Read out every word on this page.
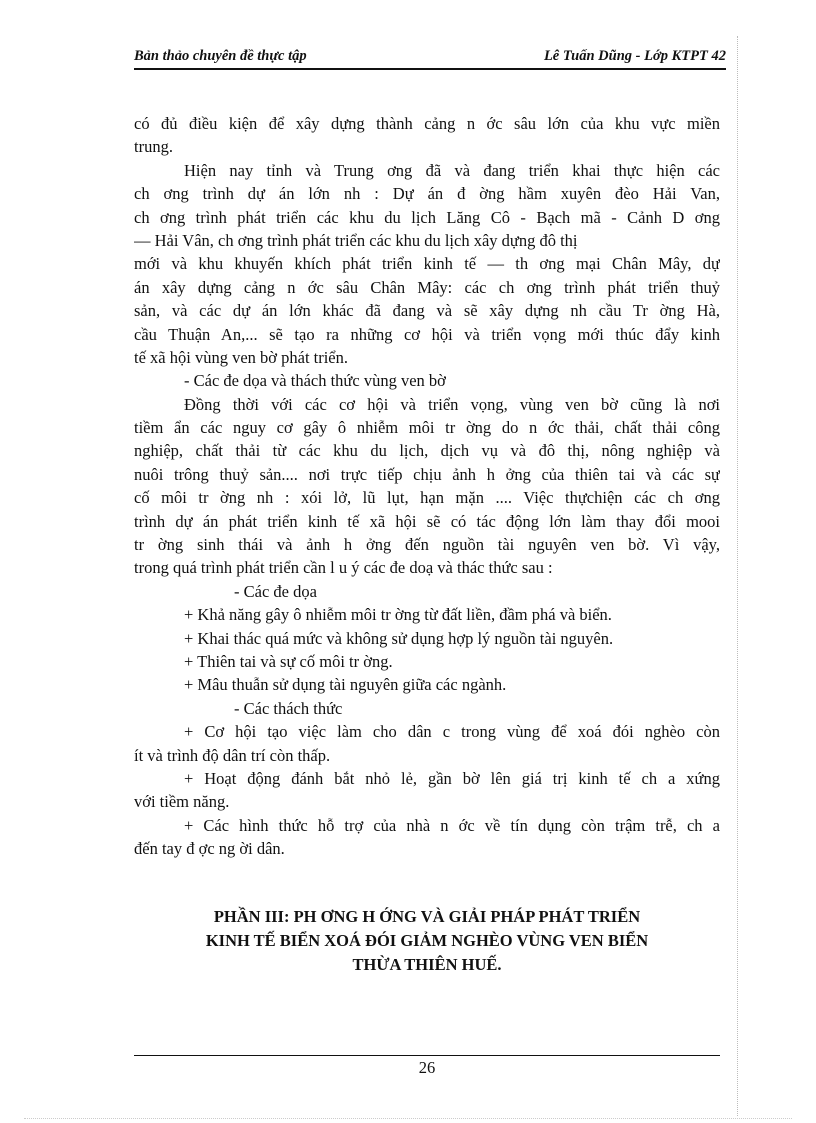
Bản thảo chuyên đề thực tập	Lê Tuấn Dũng - Lớp KTPT 42
có đủ điều kiện để xây dựng thành cảng n ớc sâu lớn của khu vực miền
trung.
Hiện nay tỉnh và Trung ơng đã và đang triển khai thực hiện các
ch ơng trình dự án lớn nh : Dự án đ ờng hầm xuyên đèo Hải Van,
ch ơng trình phát triển các khu du lịch Lăng Cô - Bạch mã - Cảnh D ơng
— Hải Vân, ch ơng trình phát triển các khu du lịch xây dựng đô thị
mới và khu khuyến khích phát triển kinh tế — th ơng mại Chân Mây, dự
án xây dựng cảng n ớc sâu Chân Mây: các ch ơng trình phát triển thuỷ
sản, và các dự án lớn khác đã đang và sẽ xây dựng nh cầu Tr ờng Hà,
cầu Thuận An,... sẽ tạo ra những cơ hội và triển vọng mới thúc đẩy kinh
tế xã hội vùng ven bờ phát triển.
- Các đe dọa và thách thức vùng ven bờ
Đồng thời với các cơ hội và triển vọng, vùng ven bờ cũng là nơi
tiềm ẩn các nguy cơ gây ô nhiễm môi tr ờng do n ớc thải, chất thải công
nghiệp, chất thải từ các khu du lịch, dịch vụ và đô thị, nông nghiệp và
nuôi trông thuỷ sản.... nơi trực tiếp chịu ảnh h ởng của thiên tai và các sự
cố môi tr ờng nh : xói lở, lũ lụt, hạn mặn .... Việc thựchiện các ch ơng
trình dự án phát triển kinh tế xã hội sẽ có tác động lớn làm thay đổi mooi
tr ờng sinh thái và ảnh h ởng đến nguồn tài nguyên ven bờ. Vì vậy,
trong quá trình phát triển cần l u ý các đe doạ và thác thức sau :
- Các đe dọa
+ Khả năng gây ô nhiễm môi tr ờng từ đất liền, đầm phá và biển.
+ Khai thác quá mức và không sử dụng hợp lý nguồn tài nguyên.
+ Thiên tai và sự cố môi tr ờng.
+ Mâu thuẫn sử dụng tài nguyên giữa các ngành.
- Các thách thức
+ Cơ hội tạo việc làm cho dân c trong vùng để xoá đói nghèo còn
ít và trình độ dân trí còn thấp.
+ Hoạt động đánh bắt nhỏ lẻ, gần bờ lên giá trị kinh tế ch a xứng
với tiềm năng.
+ Các hình thức hỗ trợ của nhà n ớc về tín dụng còn trậm trễ, ch a
đến tay đ ợc ng ời dân.
PHẦN III: PH ƠNG H ỚNG VÀ GIẢI PHÁP PHÁT TRIỂN
KINH TẾ BIỂN XOÁ ĐÓI GIẢM NGHÈO VÙNG VEN BIỂN
THỪA THIÊN HUẾ.
26
